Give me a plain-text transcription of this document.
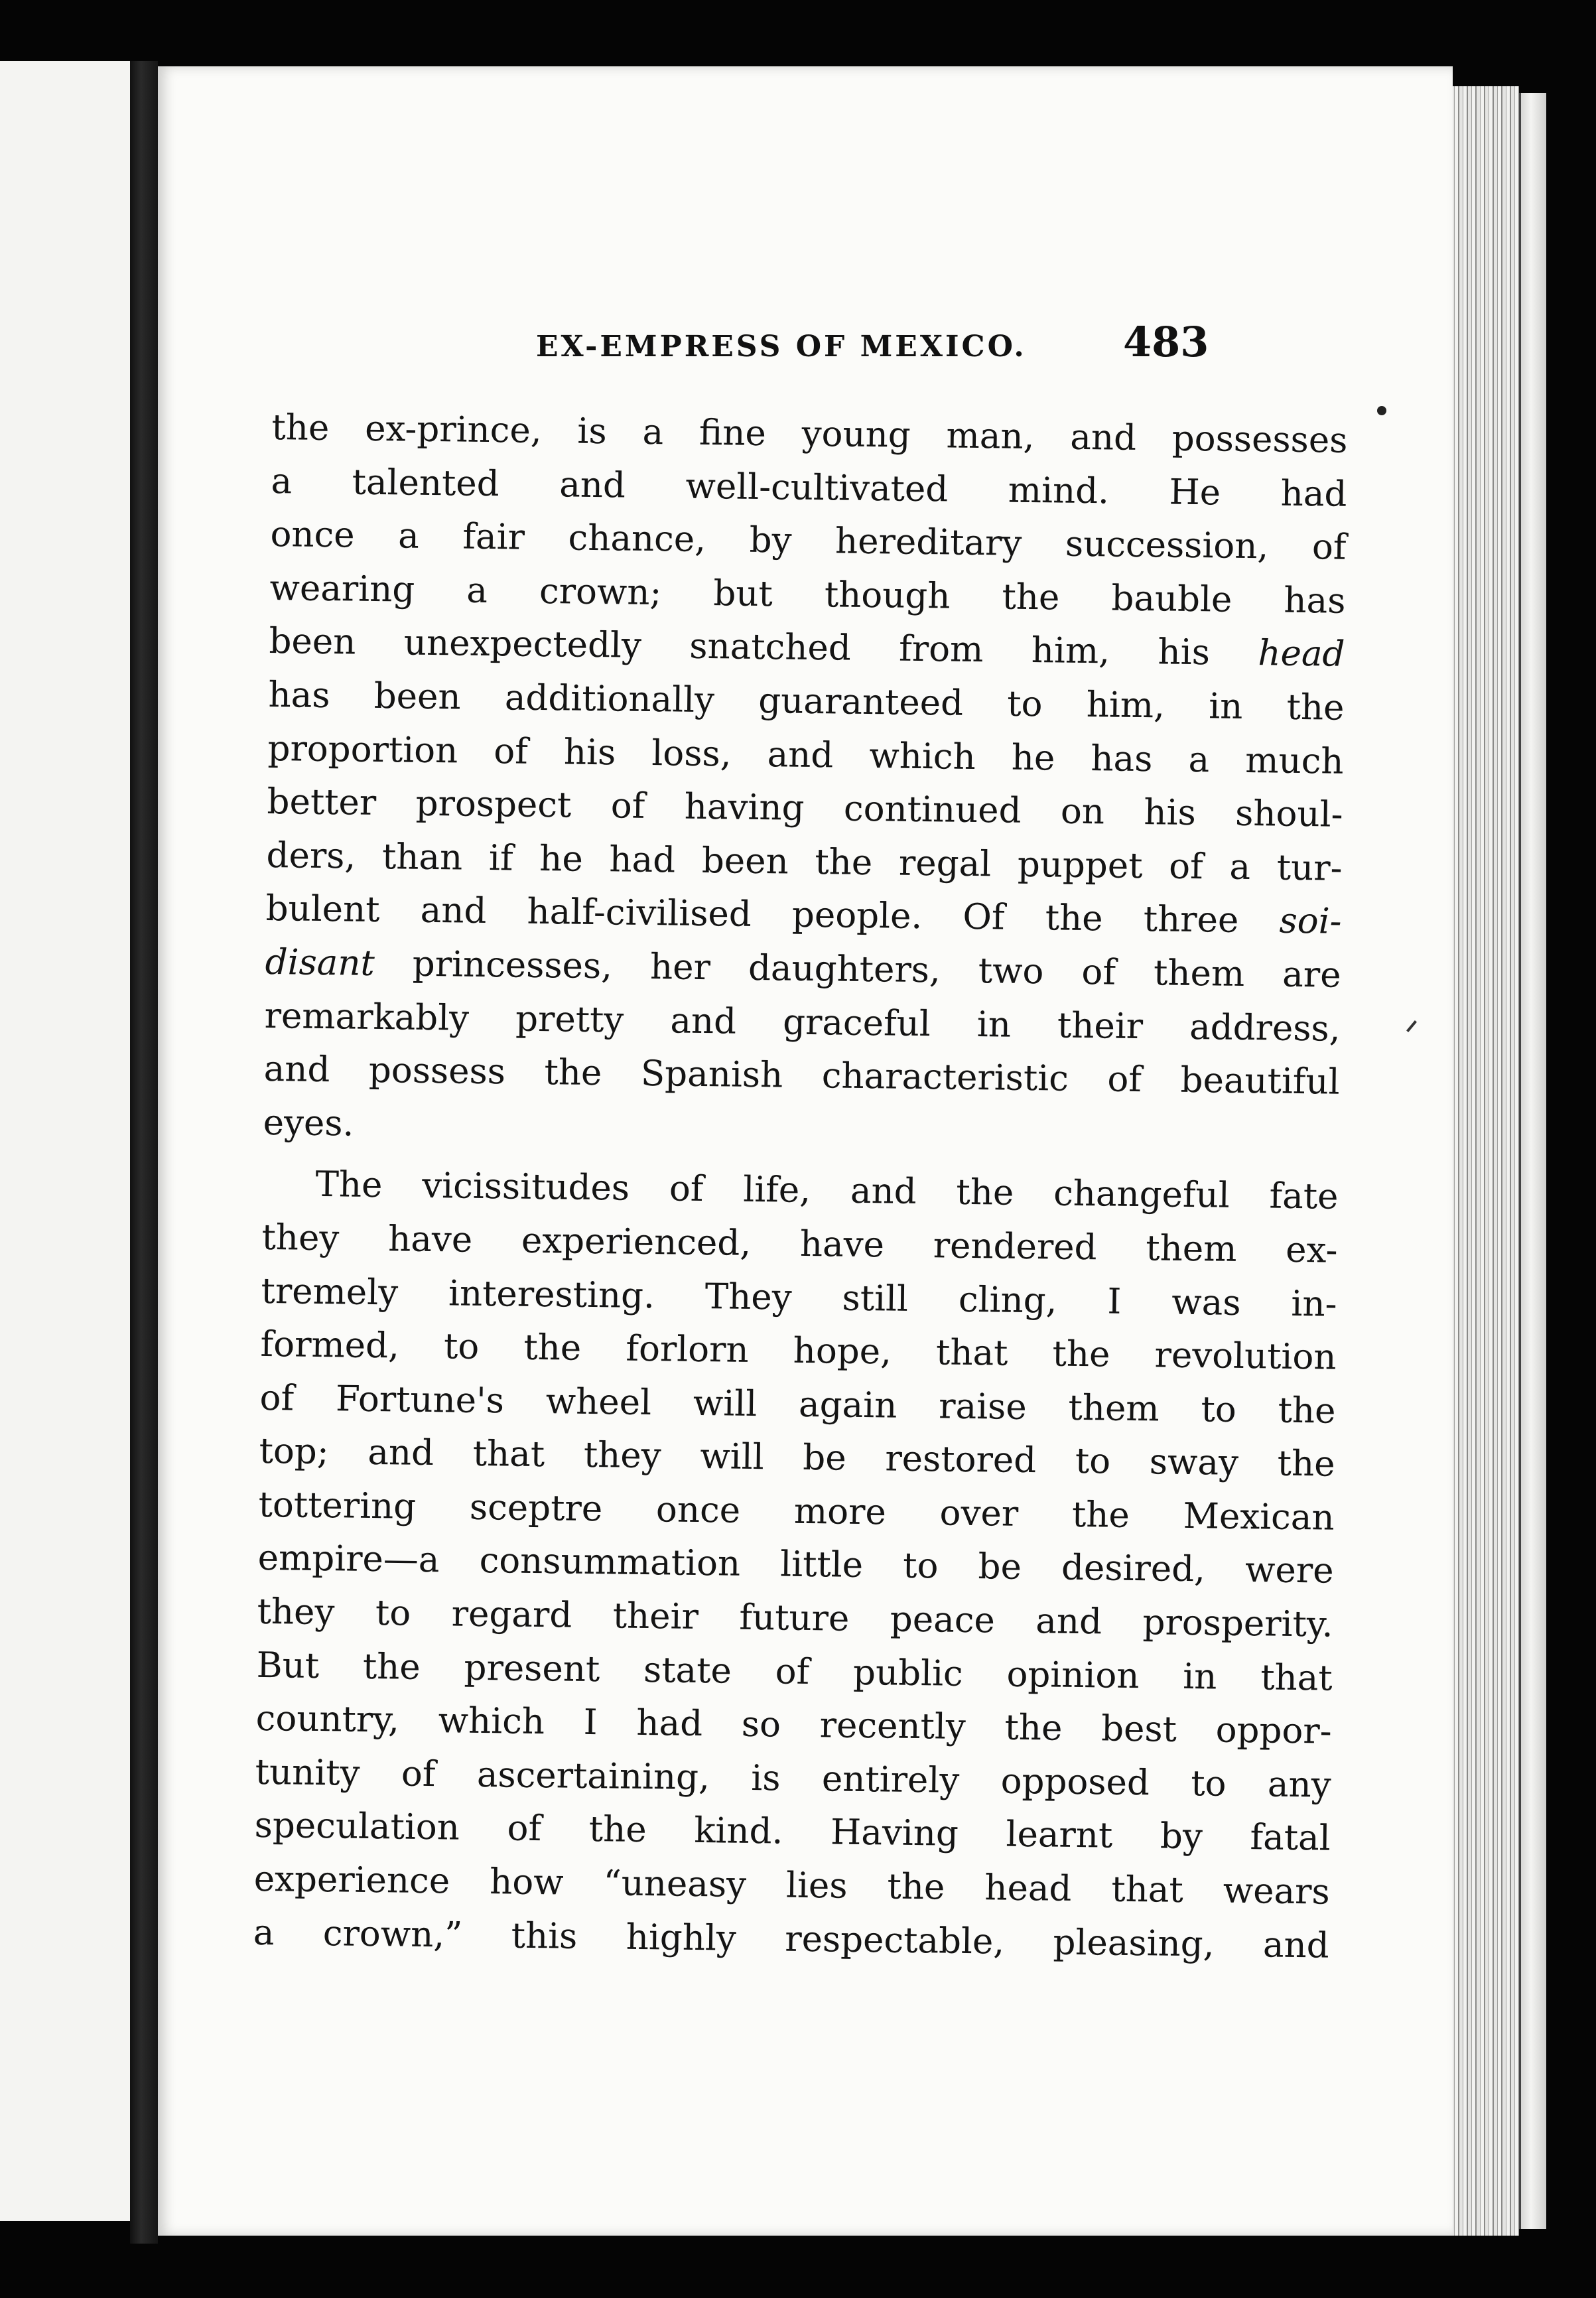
EX-EMPRESS OF MEXICO. 483
the ex-prince, is a fine young man, and possesses
a talented and well-cultivated mind. He had
once a fair chance, by hereditary succession, of
wearing a crown; but though the bauble has
been unexpectedly snatched from him, his head
has been additionally guaranteed to him, in the
proportion of his loss, and which he has a much
better prospect of having continued on his shoul-
ders, than if he had been the regal puppet of a tur-
bulent and half-civilised people. Of the three soi-
disant princesses, her daughters, two of them are
remarkably pretty and graceful in their address,
and possess the Spanish characteristic of beautiful
eyes.
The vicissitudes of life, and the changeful fate
they have experienced, have rendered them ex-
tremely interesting. They still cling, I was in-
formed, to the forlorn hope, that the revolution
of Fortune's wheel will again raise them to the
top; and that they will be restored to sway the
tottering sceptre once more over the Mexican
empire—a consummation little to be desired, were
they to regard their future peace and prosperity.
But the present state of public opinion in that
country, which I had so recently the best oppor-
tunity of ascertaining, is entirely opposed to any
speculation of the kind. Having learnt by fatal
experience how “uneasy lies the head that wears
a crown,” this highly respectable, pleasing, and
